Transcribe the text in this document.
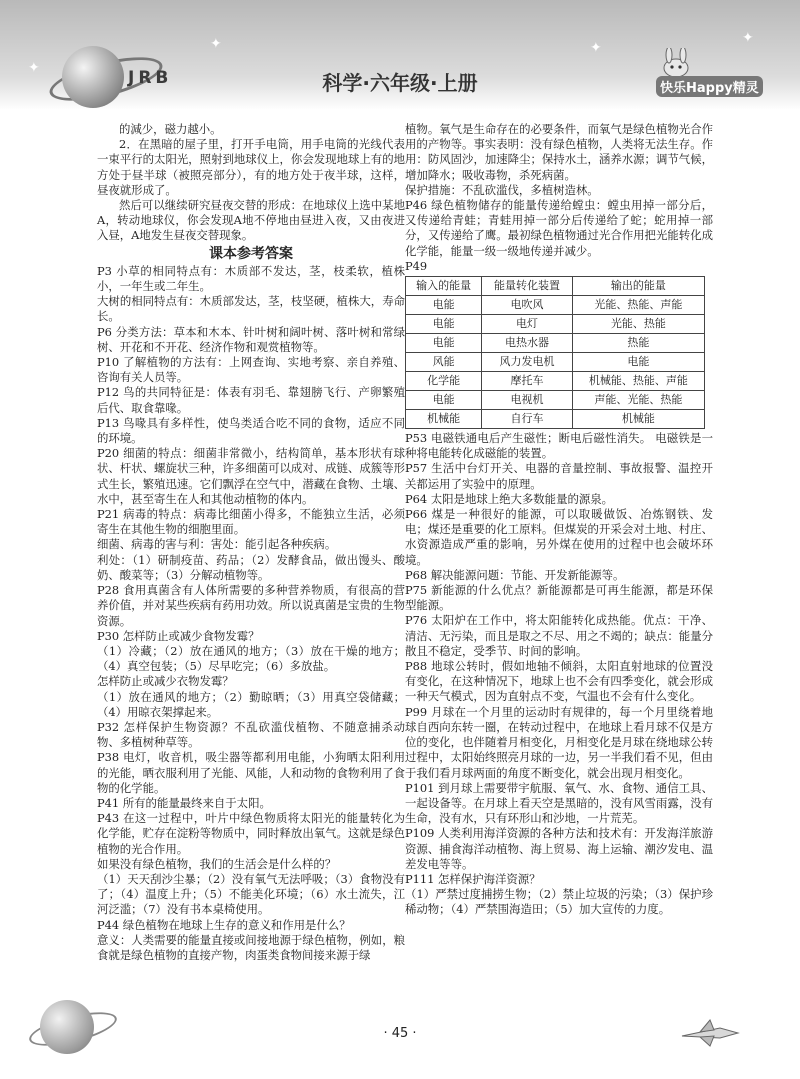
✦
✦	✦
✦
JRB	科学·六年级·上册	快乐Happy精灵

的減少，磁力越小。

2．在黑暗的屋子里，打开手电筒，用手电筒的光线代表一束平行的太阳光，照射到地球仪上，你会发现地球上有的地方处于昼半球（被照亮部分），有的地方处于夜半球，这样，昼夜就形成了。

然后可以继续研究昼夜交替的形成：在地球仪上选中某地A，转动地球仪，你会发现A地不停地由昼进入夜，又由夜进入昼，A地发生昼夜交替现象。

课本参考答案

P3 小草的相同特点有：木质部不发达，茎，枝柔软，植株小，一年生或二年生。

大树的相同特点有：木质部发达，茎，枝坚硬，植株大，寿命长。

P6 分类方法：草本和木本、针叶树和阔叶树、落叶树和常绿树、开花和不开花、经济作物和观赏植物等。

P10 了解植物的方法有：上网查询、实地考察、亲自养殖、咨询有关人员等。

P12 鸟的共同特征是：体表有羽毛、靠翅膀飞行、产卵繁殖后代、取食靠喙。

P13 鸟喙具有多样性，使鸟类适合吃不同的食物，适应不同的环境。

P20 细菌的特点：细菌非常微小，结构简单，基本形状有球状、杆状、螺旋状三种，许多细菌可以成对、成链、成簇等形式生长，繁殖迅速。它们飘浮在空气中，潜藏在食物、土壤、水中，甚至寄生在人和其他动植物的体内。

P21 病毒的特点：病毒比细菌小得多，不能独立生活，必须寄生在其他生物的细胞里面。

细菌、病毒的害与利：害处：能引起各种疾病。

利处：（1）研制疫苗、药品；（2）发酵食品，做出馒头、酸奶、酸菜等；（3）分解动植物等。

P28 食用真菌含有人体所需要的多种营养物质，有很高的营养价值，并对某些疾病有药用功效。所以说真菌是宝贵的生物资源。

P30 怎样防止或减少食物发霉？

（1）冷藏；（2）放在通风的地方；（3）放在干燥的地方；（4）真空包装；（5）尽早吃完；（6）多放盐。

怎样防止或减少衣物发霉？

（1）放在通风的地方；（2）勤晾晒；（3）用真空袋储藏；（4）用晾衣架撑起来。

P32 怎样保护生物资源？不乱砍滥伐植物、不随意捕杀动物、多植树种草等。

P38 电灯，收音机，吸尘器等都利用电能，小狗晒太阳利用的光能，晒衣服利用了光能、风能，人和动物的食物利用了食物的化学能。

P41 所有的能量最终来自于太阳。

P43 在这一过程中，叶片中绿色物质将太阳光的能量转化为化学能，贮存在淀粉等物质中，同时释放出氧气。这就是绿色植物的光合作用。

如果没有绿色植物，我们的生活会是什么样的？

（1）天天刮沙尘暴；（2）没有氧气无法呼吸；（3）食物没有了；（4）温度上升；（5）不能美化环境；（6）水土流失，江河泛滥；（7）没有书本桌椅使用。

P44 绿色植物在地球上生存的意义和作用是什么？

意义：人类需要的能量直接或间接地源于绿色植物，例如，粮食就是绿色植物的直接产物，肉蛋类食物间接来源于绿

植物。氧气是生命存在的必要条件，而氧气是绿色植物光合作用的产物等。事实表明：没有绿色植物，人类将无法生存。作用：防风固沙，加速降尘；保持水土，涵养水源；调节气候，增加降水；吸收毒物，杀死病菌。

保护措施：不乱砍滥伐，多植树造林。

P46 绿色植物储存的能量传递给螳虫：螳虫用掉一部分后，又传递给青蛙；青蛙用掉一部分后传递给了蛇；蛇用掉一部分，又传递给了鹰。最初绿色植物通过光合作用把光能转化成化学能，能量一级一级地传递并减少。

P49

输入的能量	能量转化装置	输出的能量
电能	电吹风	光能、热能、声能
电能	电灯	光能、热能
电能	电热水器	热能
风能	风力发电机	电能
化学能	摩托车	机械能、热能、声能
电能	电视机	声能、光能、热能
机械能	自行车	机械能

P53 电磁铁通电后产生磁性；断电后磁性消失。 电磁铁是一种将电能转化成磁能的装置。

P57 生活中台灯开关、电器的音量控制、事故报警、温控开关都运用了实验中的原理。

P64 太阳是地球上绝大多数能量的源泉。

P66 煤是一种很好的能源，可以取暖做饭、冶炼钢铁、发电；煤还是重要的化工原料。但煤炭的开采会对土地、村庄、水资源造成严重的影响，另外煤在使用的过程中也会破坏环境。

P68 解决能源问题：节能、开发新能源等。

P75 新能源的什么优点？新能源都是可再生能源，都是环保型能源。

P76 太阳炉在工作中，将太阳能转化成热能。优点：干净、清洁、无污染，而且是取之不尽、用之不竭的；缺点：能量分散且不稳定，受季节、时间的影响。

P88 地球公转时，假如地轴不倾斜，太阳直射地球的位置没有变化，在这种情况下，地球上也不会有四季变化，就会形成一种天气模式，因为直射点不变，气温也不会有什么变化。

P99 月球在一个月里的运动时有规律的，每一个月里绕着地球自西向东转一圈，在转动过程中，在地球上看月球不仅是方位的变化，也伴随着月相变化，月相变化是月球在绕地球公转过程中，太阳始终照亮月球的一边，另一半我们看不见，但由于我们看月球两面的角度不断变化，就会出现月相变化。

P101 到月球上需要带宇航服、氧气、水、食物、通信工具、一起设备等。在月球上看天空是黑暗的，没有风雪雨露，没有生命，没有水，只有环形山和沙地，一片荒芜。

P109 人类利用海洋资源的各种方法和技术有：开发海洋旅游资源、捕食海洋动植物、海上贸易、海上运输、潮汐发电、温差发电等等。

P111 怎样保护海洋资源？

（1）严禁过度捕捞生物；（2）禁止垃圾的污染；（3）保护珍稀动物；（4）严禁围海造田；（5）加大宣传的力度。

· 45 ·
